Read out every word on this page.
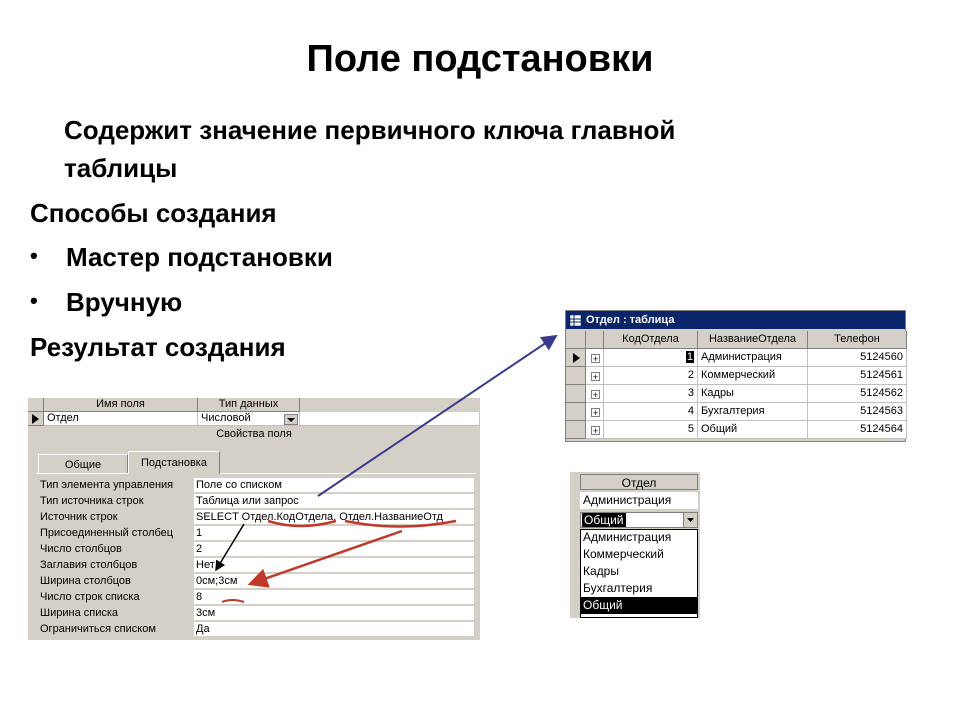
Поле подстановки
Содержит значение первичного ключа главной
таблицы
Способы создания
• Мастер подстановки
• Вручную
Результат создания
Имя поля	Тип данных
Отдел	Числовой
Свойства поля
Общие	Подстановка
Тип элемента управления Поле со списком
Тип источника строк	Таблица или запрос
Источник строк	SELECT Отдел.КодОтдела, Отдел.НазваниеОтд
Присоединенный столбец 1
Число столбцов	2
Заглавия столбцов	Нет
Ширина столбцов	0см;3см
Число строк списка	8
Ширина списка	3см
Ограничиться списком	Да
Отдел : таблица
КодОтдела	НазваниеОтдела	Телефон
+	1 Администрация	5124560
+	2 Коммерческий	5124561
+	3 Кадры	5124562
+	4 Бухгалтерия	5124563
+	5 Общий	5124564
Отдел
Администрация
Общий
Администрация
Коммерческий
Кадры
Бухгалтерия
Общий
